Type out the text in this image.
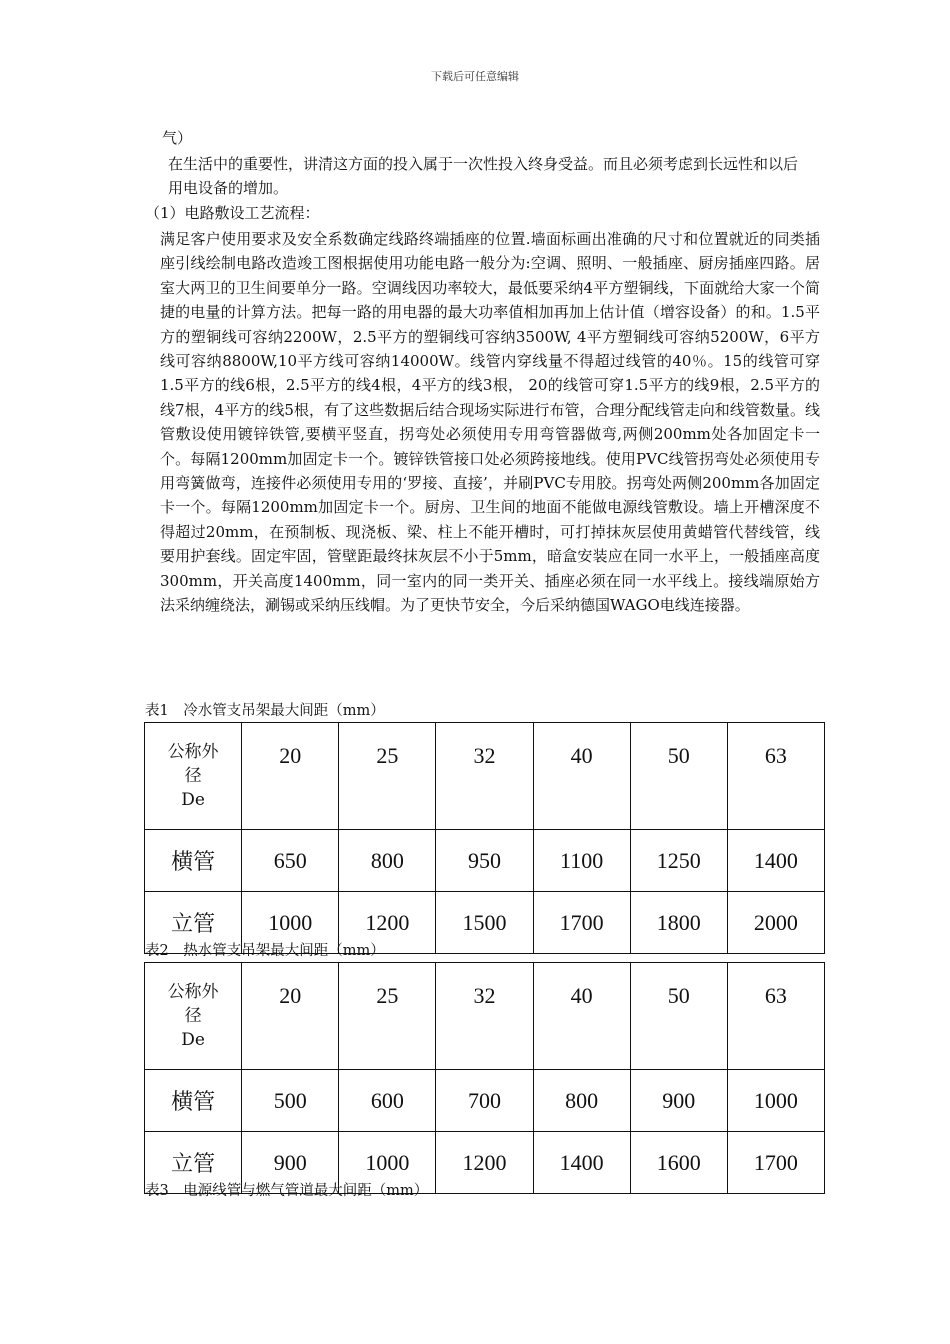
下载后可任意编辑
气）
在生活中的重要性，讲清这方面的投入属于一次性投入终身受益。而且必须考虑到长远性和以后用电设备的增加。
（1）电路敷设工艺流程：
满足客户使用要求及安全系数确定线路终端插座的位置.墙面标画出准确的尺寸和位置就近的同类插座引线绘制电路改造竣工图根据使用功能电路一般分为:空调、照明、一般插座、厨房插座四路。居室大两卫的卫生间要单分一路。空调线因功率较大，最低要采纳4平方塑铜线，下面就给大家一个简捷的电量的计算方法。把每一路的用电器的最大功率值相加再加上估计值（增容设备）的和。1.5平方的塑铜线可容纳2200W，2.5平方的塑铜线可容纳3500W, 4平方塑铜线可容纳5200W，6平方线可容纳8800W,10平方线可容纳14000W。线管内穿线量不得超过线管的40％。15的线管可穿1.5平方的线6根，2.5平方的线4根，4平方的线3根， 20的线管可穿1.5平方的线9根，2.5平方的线7根，4平方的线5根，有了这些数据后结合现场实际进行布管，合理分配线管走向和线管数量。线管敷设使用镀锌铁管,要横平竖直，拐弯处必须使用专用弯管器做弯,两侧200mm处各加固定卡一个。每隔1200mm加固定卡一个。镀锌铁管接口处必须跨接地线。使用PVC线管拐弯处必须使用专用弯簧做弯，连接件必须使用专用的‘罗接、直接’，并刷PVC专用胶。拐弯处两侧200mm各加固定卡一个。每隔1200mm加固定卡一个。厨房、卫生间的地面不能做电源线管敷设。墙上开槽深度不得超过20mm，在预制板、现浇板、梁、柱上不能开槽时，可打掉抹灰层使用黄蜡管代替线管，线要用护套线。固定牢固，管壁距最终抹灰层不小于5mm，暗盒安装应在同一水平上，一般插座高度300mm，开关高度1400mm，同一室内的同一类开关、插座必须在同一水平线上。接线端原始方法采纳缠绕法，涮锡或采纳压线帽。为了更快节安全，今后采纳德国WAGO电线连接器。
表1　冷水管支吊架最大间距（mm）
公称外
径
De	20	25	32	40	50	63
横管	650	800	950	1100	1250	1400
立管	1000	1200	1500	1700	1800	2000
表2　热水管支吊架最大间距（mm）
公称外
径
De	20	25	32	40	50	63
横管	500	600	700	800	900	1000
立管	900	1000	1200	1400	1600	1700
表3　电源线管与燃气管道最大间距（mm）
